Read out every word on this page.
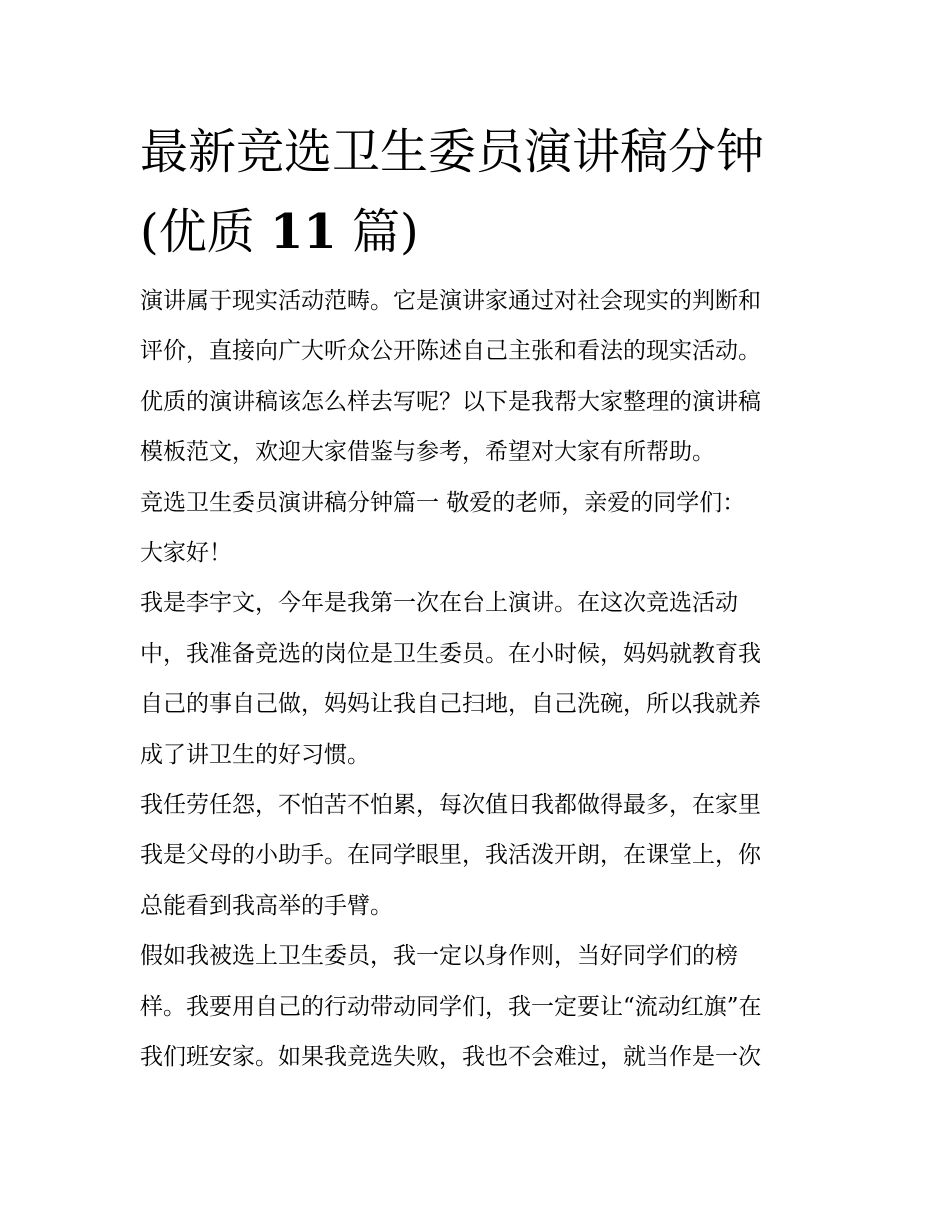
最新竞选卫生委员演讲稿分钟
(优质 11 篇)

演讲属于现实活动范畴。它是演讲家通过对社会现实的判断和
评价，直接向广大听众公开陈述自己主张和看法的现实活动。
优质的演讲稿该怎么样去写呢？以下是我帮大家整理的演讲稿
模板范文，欢迎大家借鉴与参考，希望对大家有所帮助。

竞选卫生委员演讲稿分钟篇一 敬爱的老师，亲爱的同学们：

大家好！

我是李宇文，今年是我第一次在台上演讲。在这次竞选活动
中，我准备竞选的岗位是卫生委员。在小时候，妈妈就教育我
自己的事自己做，妈妈让我自己扫地，自己洗碗，所以我就养
成了讲卫生的好习惯。

我任劳任怨，不怕苦不怕累，每次值日我都做得最多，在家里
我是父母的小助手。在同学眼里，我活泼开朗，在课堂上，你
总能看到我高举的手臂。

假如我被选上卫生委员，我一定以身作则，当好同学们的榜
样。我要用自己的行动带动同学们，我一定要让“流动红旗”在
我们班安家。如果我竞选失败，我也不会难过，就当作是一次
